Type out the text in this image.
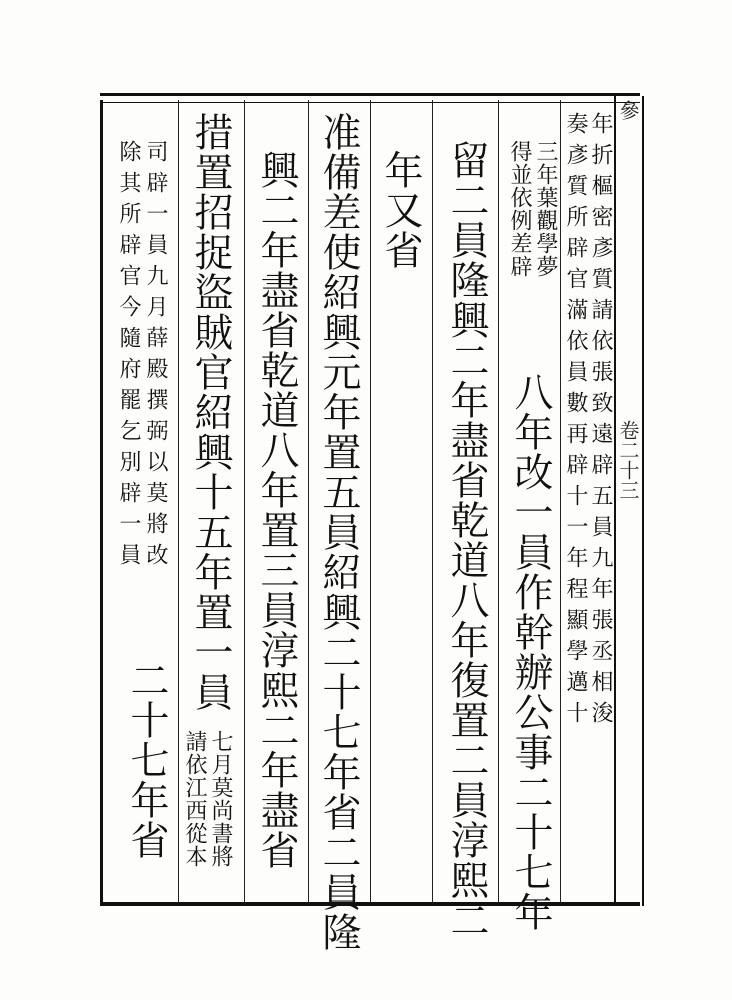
參
卷二十三
年折樞密彥質請依張致遠辟五員九年張丞相浚
奏彥質所辟官滿依員數再辟十一年程顯學邁十
三年葉觀學夢
得並依例差辟
八年改一員作幹辦公事二十七年
留二員隆興二年盡省乾道八年復置二員淳熙二
年又省
准備差使紹興元年置五員紹興二十七年省二員隆
興二年盡省乾道八年置三員淳熙二年盡省
措置招捉盜賊官紹興十五年置一員
七月莫尚書將
請依江西從本
司辟一員九月薛殿撰弼以莫將改
除其所辟官今隨府罷乞別辟一員
二十七年省
